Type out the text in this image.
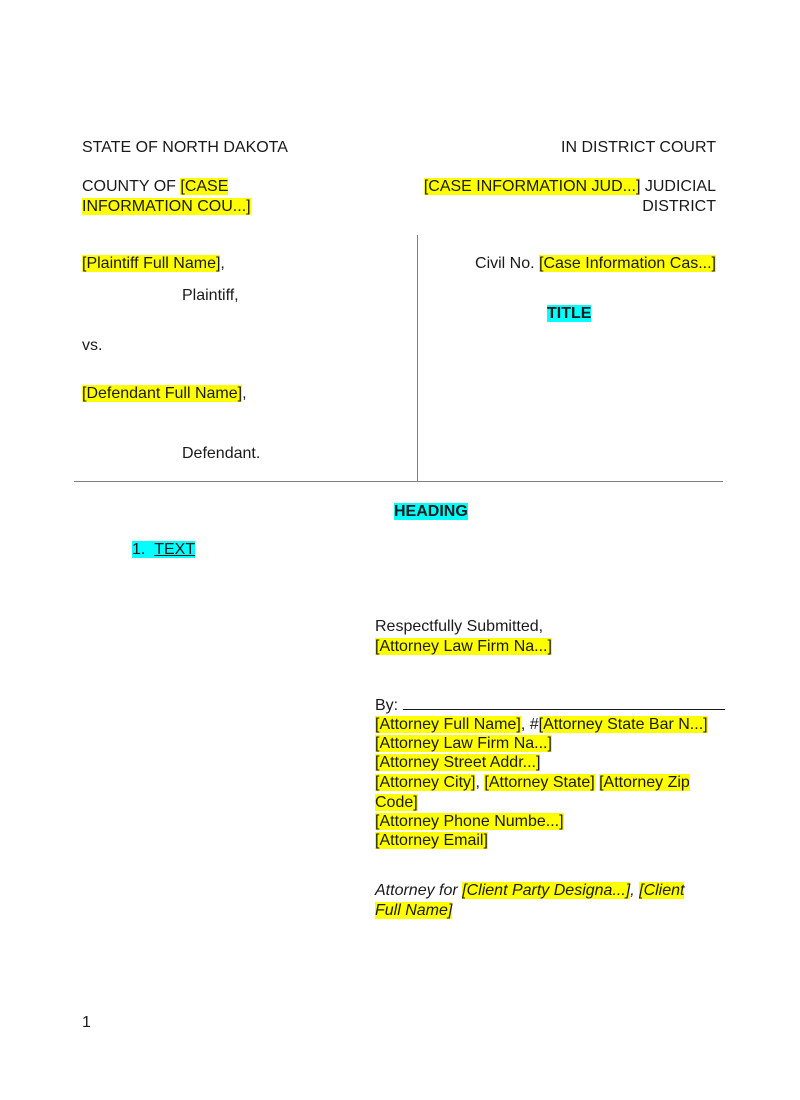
STATE OF NORTH DAKOTA	IN DISTRICT COURT
COUNTY OF [CASE
INFORMATION COU...]
[CASE INFORMATION JUD...] JUDICIAL
DISTRICT
[Plaintiff Full Name],
Plaintiff,
vs.
[Defendant Full Name],
Defendant.
Civil No. [Case Information Cas...]
TITLE
HEADING
1. TEXT
Respectfully Submitted,
[Attorney Law Firm Na...]
By:
[Attorney Full Name], #[Attorney State Bar N...]
[Attorney Law Firm Na...]
[Attorney Street Addr...]
[Attorney City], [Attorney State] [Attorney Zip
Code]
[Attorney Phone Numbe...]
[Attorney Email]
Attorney for [Client Party Designa...], [Client
Full Name]
1
